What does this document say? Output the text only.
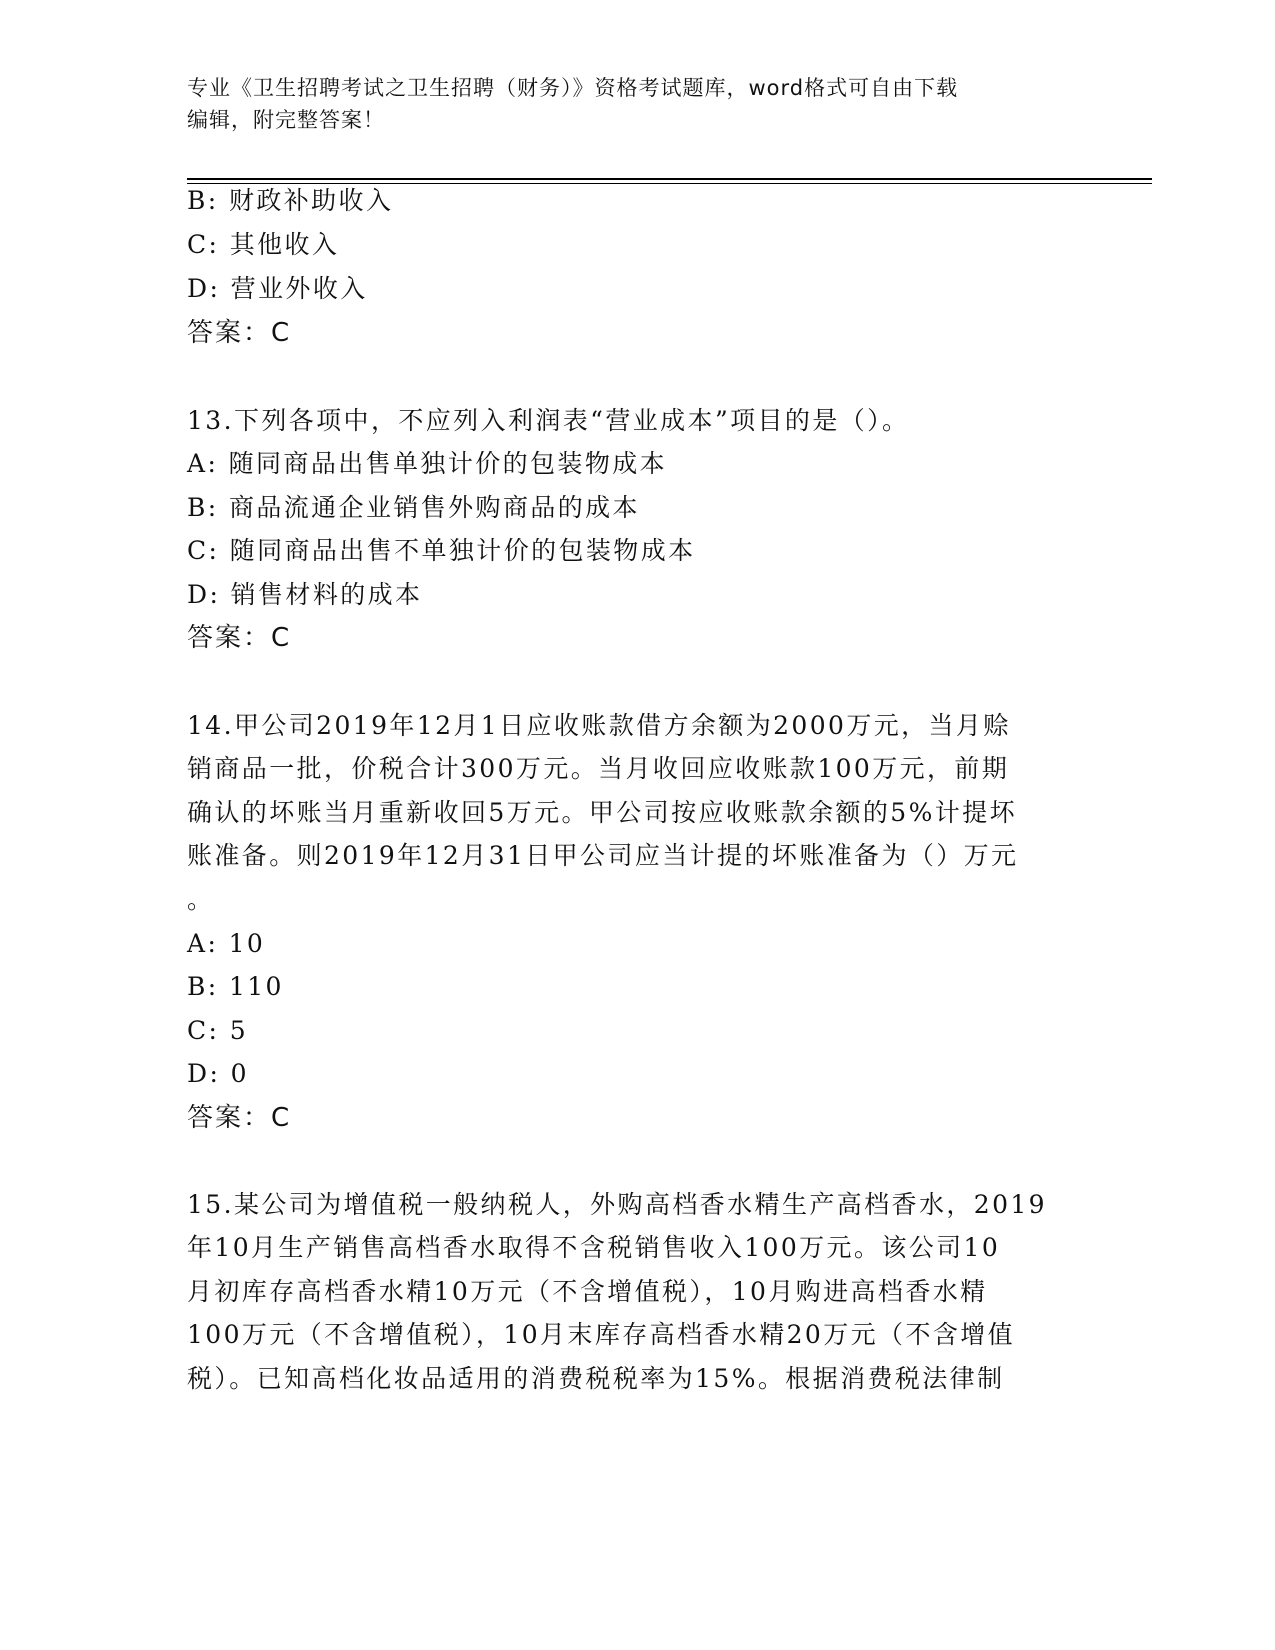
专业《卫生招聘考试之卫生招聘（财务）》资格考试题库，word格式可自由下载
编辑，附完整答案！
B: 财政补助收入
C: 其他收入
D: 营业外收入
答案：C
13.下列各项中，不应列入利润表“营业成本”项目的是（）。
A: 随同商品出售单独计价的包装物成本
B: 商品流通企业销售外购商品的成本
C: 随同商品出售不单独计价的包装物成本
D: 销售材料的成本
答案：C
14.甲公司2019年12月1日应收账款借方余额为2000万元，当月赊
销商品一批，价税合计300万元。当月收回应收账款100万元，前期
确认的坏账当月重新收回5万元。甲公司按应收账款余额的5%计提坏
账准备。则2019年12月31日甲公司应当计提的坏账准备为（）万元
。
A: 10
B: 110
C: 5
D: 0
答案：C
15.某公司为增值税一般纳税人，外购高档香水精生产高档香水，2019
年10月生产销售高档香水取得不含税销售收入100万元。该公司10
月初库存高档香水精10万元（不含增值税），10月购进高档香水精
100万元（不含增值税），10月末库存高档香水精20万元（不含增值
税）。已知高档化妆品适用的消费税税率为15%。根据消费税法律制
